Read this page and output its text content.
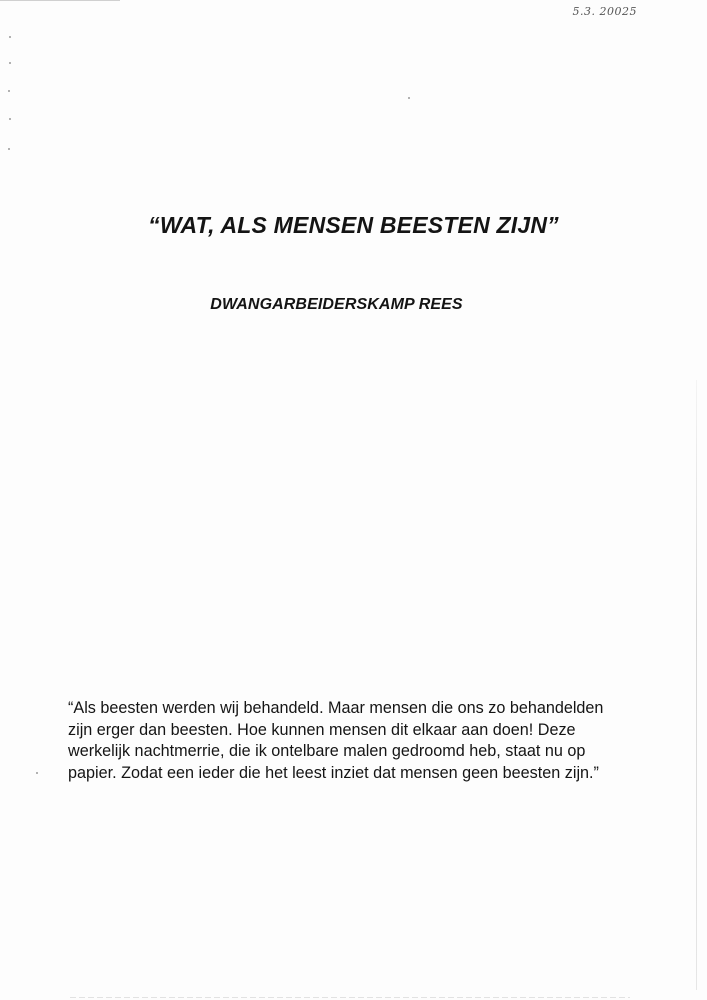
5.3. 20025
“WAT, ALS MENSEN BEESTEN ZIJN”
DWANGARBEIDERSKAMP REES

“Als beesten werden wij behandeld. Maar mensen die ons zo behandelden zijn erger dan beesten. Hoe kunnen mensen dit elkaar aan doen! Deze werkelijk nachtmerrie, die ik ontelbare malen gedroomd heb, staat nu op papier. Zodat een ieder die het leest inziet dat mensen geen beesten zijn.”
